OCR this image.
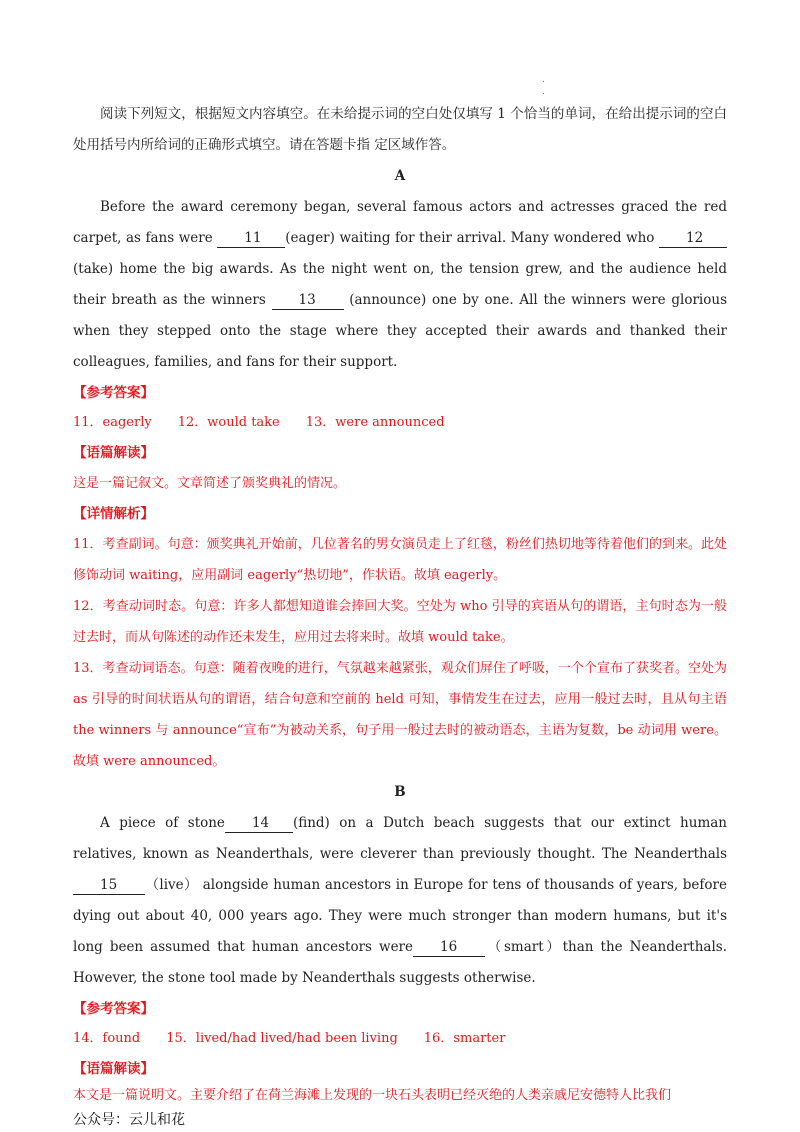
.
.

阅读下列短文，根据短文内容填空。在未给提示词的空白处仅填写 1 个恰当的单词，在给出提示词的空白处用括号内所给词的正确形式填空。请在答题卡指 定区域作答。

A

Before the award ceremony began, several famous actors and actresses graced the red carpet, as fans were 11 (eager) waiting for their arrival. Many wondered who 12 (take) home the big awards. As the night went on, the tension grew, and the audience held their breath as the winners 13 (announce) one by one. All the winners were glorious when they stepped onto the stage where they accepted their awards and thanked their colleagues, families, and fans for their support.

【参考答案】

11．eagerly 12．would take 13．were announced

【语篇解读】

这是一篇记叙文。文章简述了颁奖典礼的情况。

【详情解析】

11．考查副词。句意：颁奖典礼开始前，几位著名的男女演员走上了红毯，粉丝们热切地等待着他们的到来。此处修饰动词 waiting，应用副词 eagerly“热切地”，作状语。故填 eagerly。

12．考查动词时态。句意：许多人都想知道谁会捧回大奖。空处为 who 引导的宾语从句的谓语，主句时态为一般过去时，而从句陈述的动作还未发生，应用过去将来时。故填 would take。

13．考查动词语态。句意：随着夜晚的进行，气氛越来越紧张，观众们屏住了呼吸，一个个宣布了获奖者。空处为 as 引导的时间状语从句的谓语，结合句意和空前的 held 可知，事情发生在过去，应用一般过去时，且从句主语 the winners 与 announce“宣布”为被动关系，句子用一般过去时的被动语态，主语为复数，be 动词用 were。故填 were announced。

B

A piece of stone 14 (find) on a Dutch beach suggests that our extinct human relatives, known as Neanderthals, were cleverer than previously thought. The Neanderthals15 （live） alongside human ancestors in Europe for tens of thousands of years, before dying out about 40, 000 years ago. They were much stronger than modern humans, but it's long been assumed that human ancestors were 16 （smart）than the Neanderthals. However, the stone tool made by Neanderthals suggests otherwise.

【参考答案】

14．found 15．lived/had lived/had been living 16．smarter

【语篇解读】

本文是一篇说明文。主要介绍了在荷兰海滩上发现的一块石头表明已经灭绝的人类亲戚尼安德特人比我们

公众号：云儿和花
